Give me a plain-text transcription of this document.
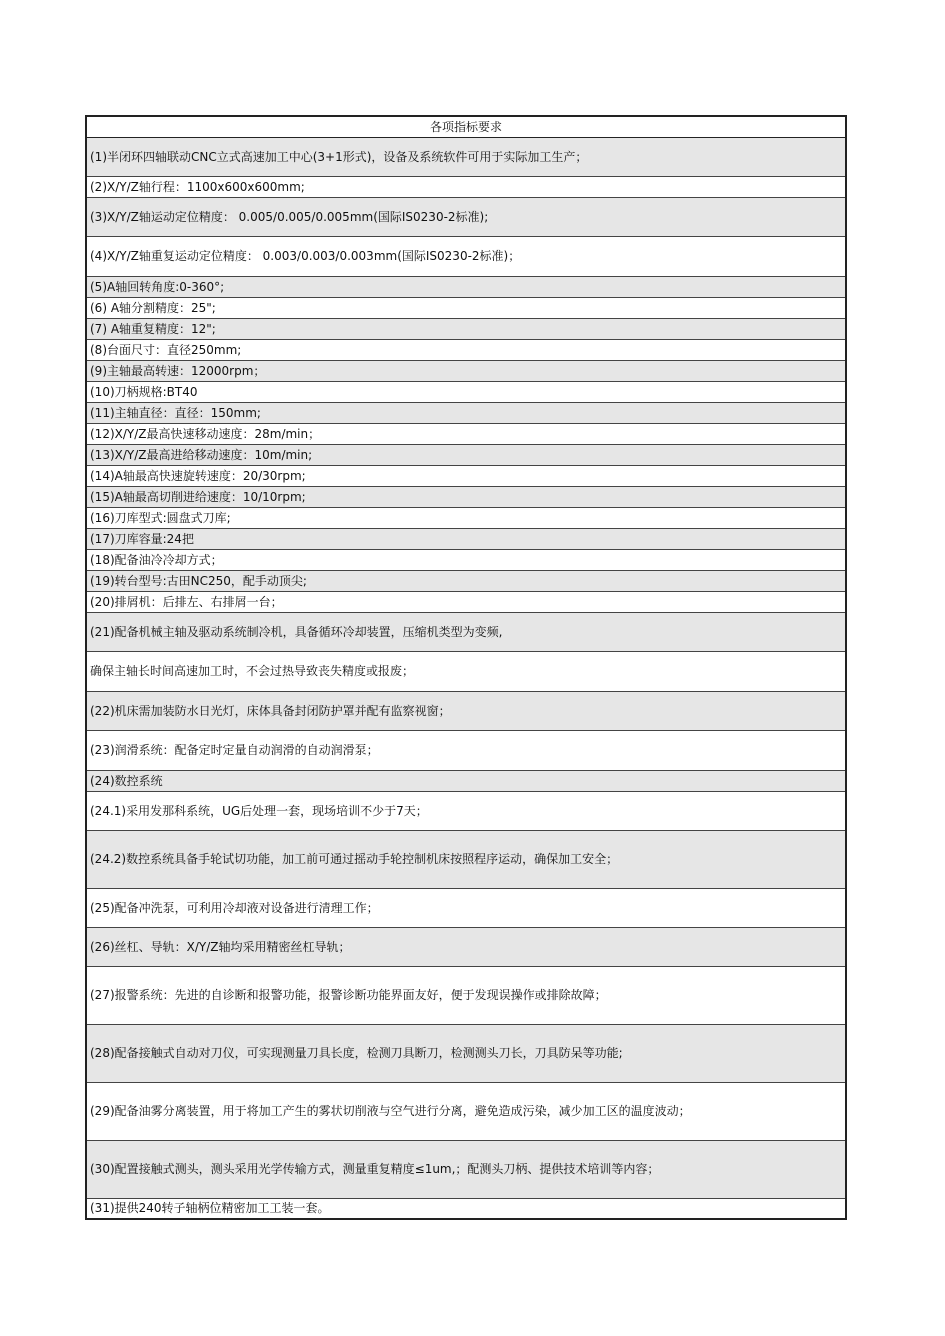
各项指标要求
(1)半闭环四轴联动CNC立式高速加工中心(3+1形式)，设备及系统软件可用于实际加工生产；
(2)X/Y/Z轴行程：1100x600x600mm;
(3)X/Y/Z轴运动定位精度： 0.005/0.005/0.005mm(国际IS0230-2标准);
(4)X/Y/Z轴重复运动定位精度： 0.003/0.003/0.003mm(国际IS0230-2标准)；
(5)A轴回转角度:0-360°;
(6) A轴分割精度：25";
(7) A轴重复精度：12";
(8)台面尺寸：直径250mm;
(9)主轴最高转速：12000rpm；
(10)刀柄规格:BT40
(11)主轴直径：直径：150mm;
(12)X/Y/Z最高快速移动速度：28m/min；
(13)X/Y/Z最高进给移动速度：10m/min;
(14)A轴最高快速旋转速度：20/30rpm;
(15)A轴最高切削进给速度：10/10rpm;
(16)刀库型式:圆盘式刀库;
(17)刀库容量:24把
(18)配备油冷冷却方式；
(19)转台型号:古田NC250，配手动顶尖;
(20)排屑机：后排左、右排屑一台；
(21)配备机械主轴及驱动系统制冷机，具备循环冷却装置，压缩机类型为变频,
确保主轴长时间高速加工时，不会过热导致丧失精度或报废；
(22)机床需加装防水日光灯，床体具备封闭防护罩并配有监察视窗；
(23)润滑系统：配备定时定量自动润滑的自动润滑泵；
(24)数控系统
(24.1)采用发那科系统，UG后处理一套，现场培训不少于7天；
(24.2)数控系统具备手轮试切功能，加工前可通过摇动手轮控制机床按照程序运动，确保加工安全；
(25)配备冲洗泵，可利用冷却液对设备进行清理工作；
(26)丝杠、导轨：X/Y/Z轴均采用精密丝杠导轨；
(27)报警系统：先进的自诊断和报警功能，报警诊断功能界面友好，便于发现误操作或排除故障；
(28)配备接触式自动对刀仪，可实现测量刀具长度，检测刀具断刀，检测测头刀长，刀具防呆等功能;
(29)配备油雾分离装置，用于将加工产生的雾状切削液与空气进行分离，避免造成污染，减少加工区的温度波动；
(30)配置接触式测头，测头采用光学传输方式，测量重复精度≤1um,；配测头刀柄、提供技术培训等内容；
(31)提供240转子轴柄位精密加工工装一套。
